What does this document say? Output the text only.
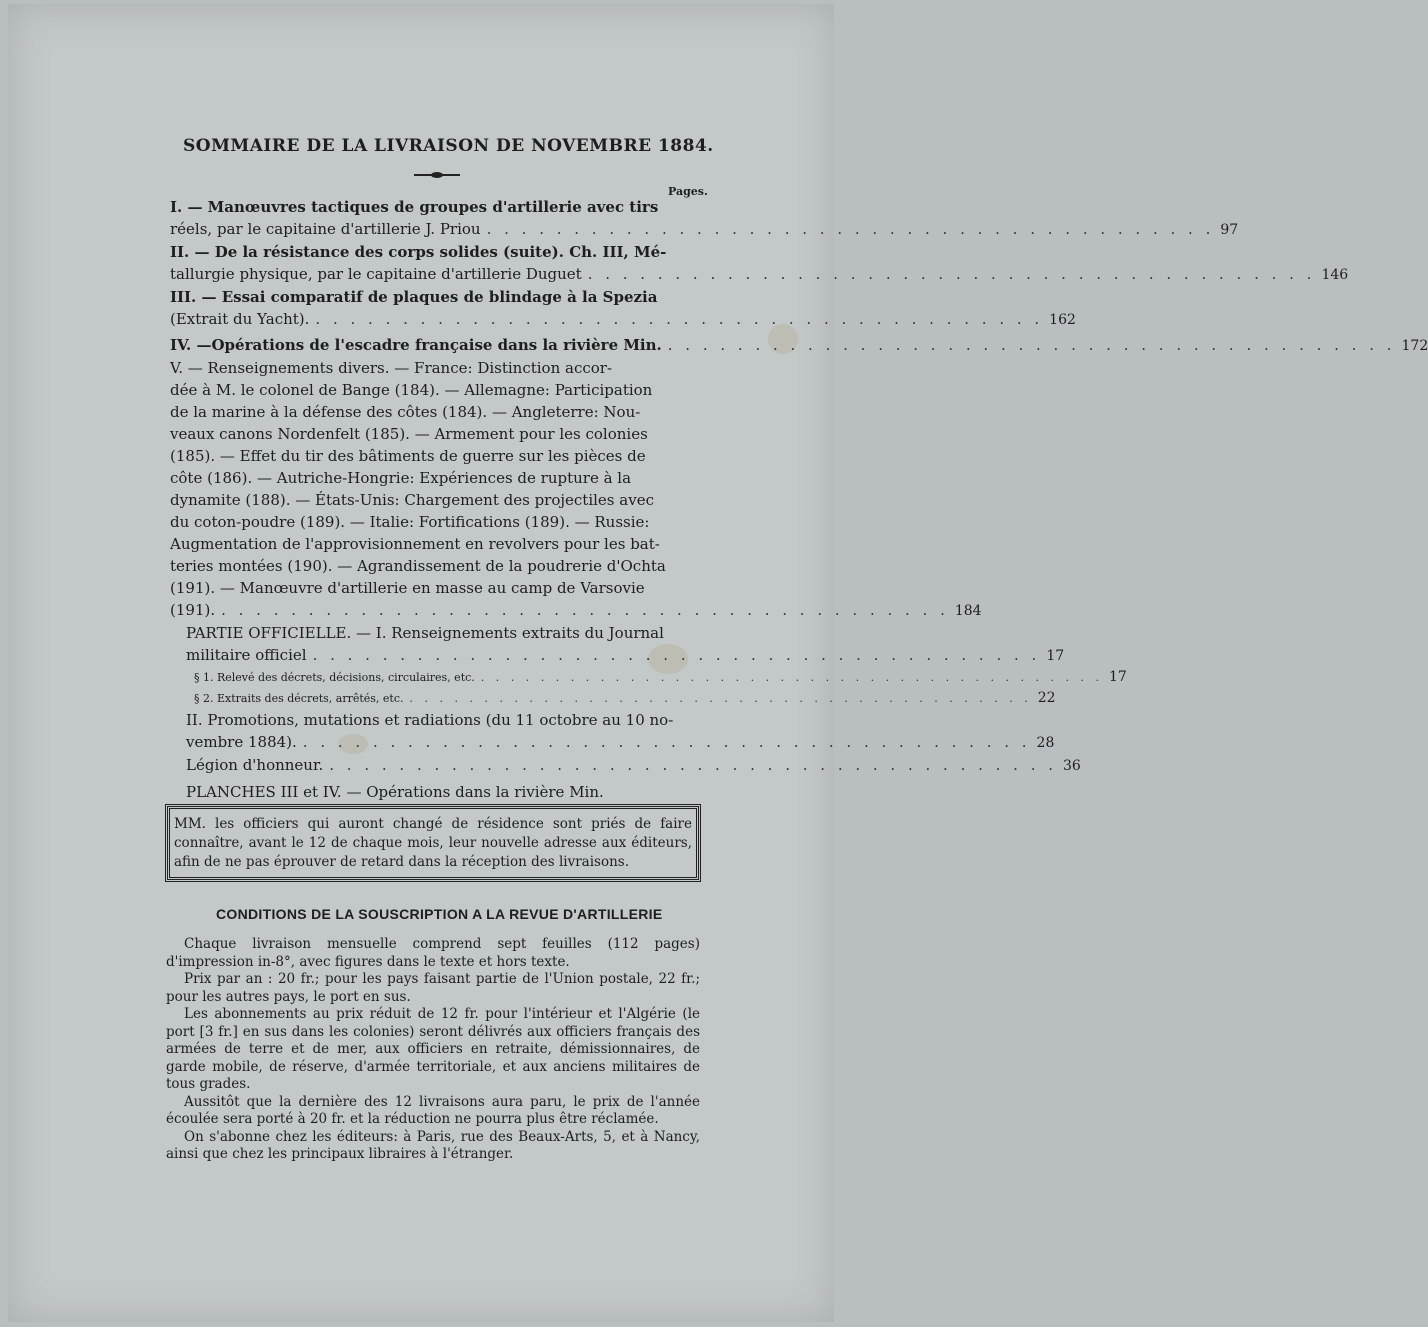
SOMMAIRE DE LA LIVRAISON DE NOVEMBRE 1884.
Pages.
I. — Manœuvres tactiques de groupes d'artillerie avec tirs
réels, par le capitaine d'artillerie J. Priou . . . . . . . . . . . . . . . . . . . . . . . . . . . . . . . . . . . . . . . . . . 97
II. — De la résistance des corps solides (suite). Ch. III, Mé-
tallurgie physique, par le capitaine d'artillerie Duguet . . . . . . . . . . . . . . . . . . . . . . . . . . . . . . . . . . . . . . . . . . 146
III. — Essai comparatif de plaques de blindage à la Spezia
(Extrait du Yacht). . . . . . . . . . . . . . . . . . . . . . . . . . . . . . . . . . . . . . . . . . . 162
IV. —Opérations de l'escadre française dans la rivière Min. . . . . . . . . . . . . . . . . . . . . . . . . . . . . . . . . . . . . . . . . . . 172
V. — Renseignements divers. — France: Distinction accor-
dée à M. le colonel de Bange (184). — Allemagne: Participation
de la marine à la défense des côtes (184). — Angleterre: Nou-
veaux canons Nordenfelt (185). — Armement pour les colonies
(185). — Effet du tir des bâtiments de guerre sur les pièces de
côte (186). — Autriche-Hongrie: Expériences de rupture à la
dynamite (188). — États-Unis: Chargement des projectiles avec
du coton-poudre (189). — Italie: Fortifications (189). — Russie:
Augmentation de l'approvisionnement en revolvers pour les bat-
teries montées (190). — Agrandissement de la poudrerie d'Ochta
(191). — Manœuvre d'artillerie en masse au camp de Varsovie
(191). . . . . . . . . . . . . . . . . . . . . . . . . . . . . . . . . . . . . . . . . . . 184
PARTIE OFFICIELLE. — I. Renseignements extraits du Journal
militaire officiel . . . . . . . . . . . . . . . . . . . . . . . . . . . . . . . . . . . . . . . . . . 17
§ 1. Relevé des décrets, décisions, circulaires, etc. . . . . . . . . . . . . . . . . . . . . . . . . . . . . . . . . . . . . . . . . . . 17
§ 2. Extraits des décrets, arrêtés, etc. . . . . . . . . . . . . . . . . . . . . . . . . . . . . . . . . . . . . . . . . . . 22
II. Promotions, mutations et radiations (du 11 octobre au 10 no-
vembre 1884). . . . . . . . . . . . . . . . . . . . . . . . . . . . . . . . . . . . . . . . . . . 28
Légion d'honneur. . . . . . . . . . . . . . . . . . . . . . . . . . . . . . . . . . . . . . . . . . . 36
PLANCHES III et IV. — Opérations dans la rivière Min.
MM. les officiers qui auront changé de résidence sont priés de faire connaître, avant le 12 de chaque mois, leur nouvelle adresse aux éditeurs, afin de ne pas éprouver de retard dans la réception des livraisons.
CONDITIONS DE LA SOUSCRIPTION A LA REVUE D'ARTILLERIE

Chaque livraison mensuelle comprend sept feuilles (112 pages) d'impression in-8°, avec figures dans le texte et hors texte.

Prix par an : 20 fr.; pour les pays faisant partie de l'Union postale, 22 fr.; pour les autres pays, le port en sus.

Les abonnements au prix réduit de 12 fr. pour l'intérieur et l'Algérie (le port [3 fr.] en sus dans les colonies) seront délivrés aux officiers français des armées de terre et de mer, aux officiers en retraite, démissionnaires, de garde mobile, de réserve, d'armée territoriale, et aux anciens militaires de tous grades.

Aussitôt que la dernière des 12 livraisons aura paru, le prix de l'année écoulée sera porté à 20 fr. et la réduction ne pourra plus être réclamée.

On s'abonne chez les éditeurs: à Paris, rue des Beaux-Arts, 5, et à Nancy, ainsi que chez les principaux libraires à l'étranger.
